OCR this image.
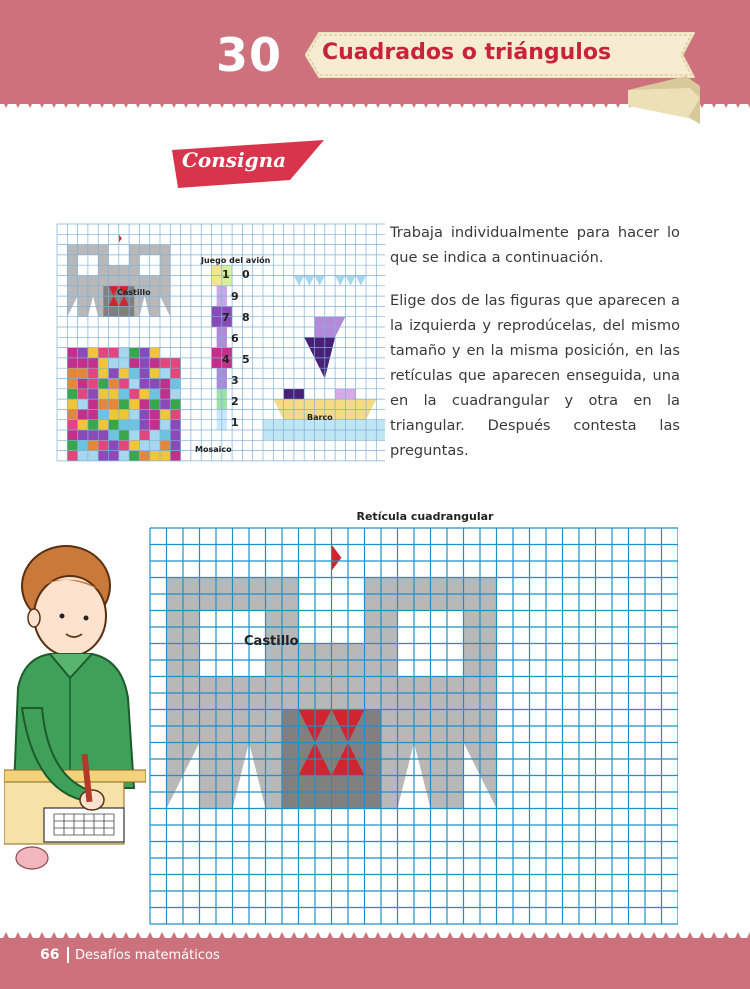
30 Cuadrados o triángulos
Consigna
Castillo
Juego del avión
Barco
Mosaico
1 0
9
7 8
6
4 5
3
2
1

Trabaja individualmente para hacer lo que se indica a continuación.

Elige dos de las figuras que aparecen a la izquierda y reprodúcelas, del mismo tamaño y en la misma posición, en las retículas que aparecen enseguida, una en la cuadrangular y otra en la triangular. Después contesta las preguntas.

Retícula cuadrangular
Castillo
66 Desafíos matemáticos
